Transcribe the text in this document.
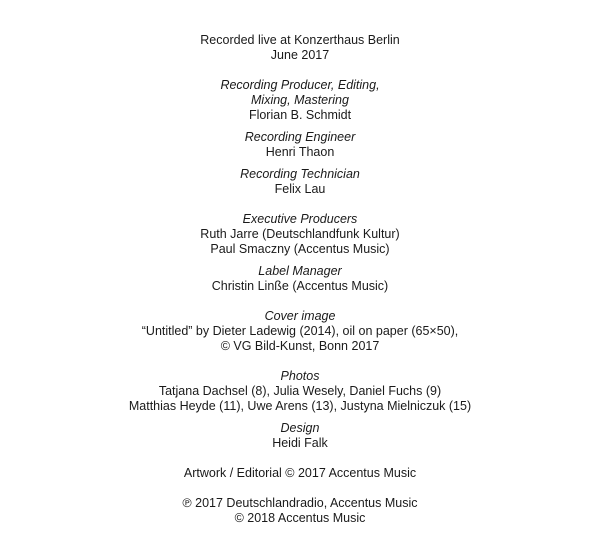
Recorded live at Konzerthaus Berlin
June 2017
Recording Producer, Editing,
Mixing, Mastering
Florian B. Schmidt
Recording Engineer
Henri Thaon
Recording Technician
Felix Lau
Executive Producers
Ruth Jarre (Deutschlandfunk Kultur)
Paul Smaczny (Accentus Music)
Label Manager
Christin Linße (Accentus Music)
Cover image
“Untitled” by Dieter Ladewig (2014), oil on paper (65×50),
© VG Bild-Kunst, Bonn 2017
Photos
Tatjana Dachsel (8), Julia Wesely, Daniel Fuchs (9)
Matthias Heyde (11), Uwe Arens (13), Justyna Mielniczuk (15)
Design
Heidi Falk
Artwork / Editorial © 2017 Accentus Music
℗ 2017 Deutschlandradio, Accentus Music
© 2018 Accentus Music
